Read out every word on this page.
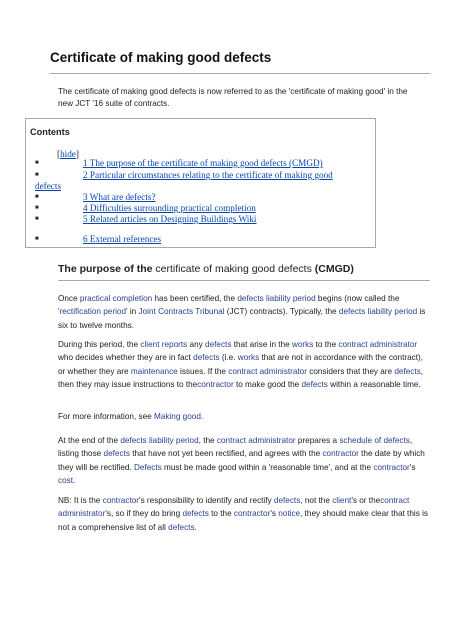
Certificate of making good defects
The certificate of making good defects is now referred to as the 'certificate of making good' in the new JCT '16 suite of contracts.
Contents
[hide]
■	1 The purpose of the certificate of making good defects (CMGD)
■	2 Particular circumstances relating to the certificate of making good
defects
■	3 What are defects?
■	4 Difficulties surrounding practical completion
■	5 Related articles on Designing Buildings Wiki
■	6 External references
The purpose of the certificate of making good defects (CMGD)
Once practical completion has been certified, the defects liability period begins (now called the 'rectification period' in Joint Contracts Tribunal (JCT) contracts). Typically, the defects liability period is six to twelve months.
During this period, the client reports any defects that arise in the works to the contract administrator who decides whether they are in fact defects (i.e. works that are not in accordance with the contract), or whether they are maintenance issues. If the contract administrator considers that they are defects, then they may issue instructions to thecontractor to make good the defects within a reasonable time.
For more information, see Making good.
At the end of the defects liability period, the contract administrator prepares a schedule of defects, listing those defects that have not yet been rectified, and agrees with the contractor the date by which they will be rectified. Defects must be made good within a 'reasonable time', and at the contractor's cost.
NB: It is the contractor's responsibility to identify and rectify defects, not the client's or thecontract administrator's, so if they do bring defects to the contractor's notice, they should make clear that this is not a comprehensive list of all defects.
